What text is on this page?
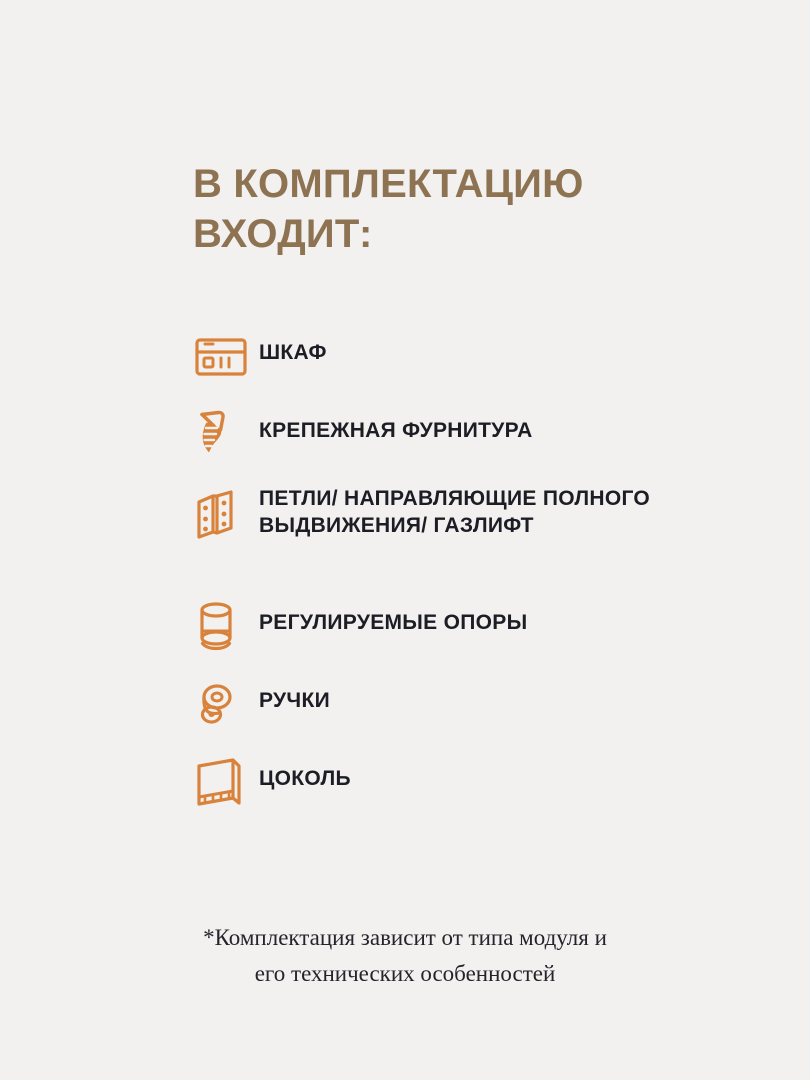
В КОМПЛЕКТАЦИЮ
ВХОДИТ:
ШКАФ
КРЕПЕЖНАЯ ФУРНИТУРА
ПЕТЛИ/ НАПРАВЛЯЮЩИЕ ПОЛНОГО ВЫДВИЖЕНИЯ/ ГАЗЛИФТ
РЕГУЛИРУЕМЫЕ ОПОРЫ
РУЧКИ
ЦОКОЛЬ
*Комплектация зависит от типа модуля и
его технических особенностей
